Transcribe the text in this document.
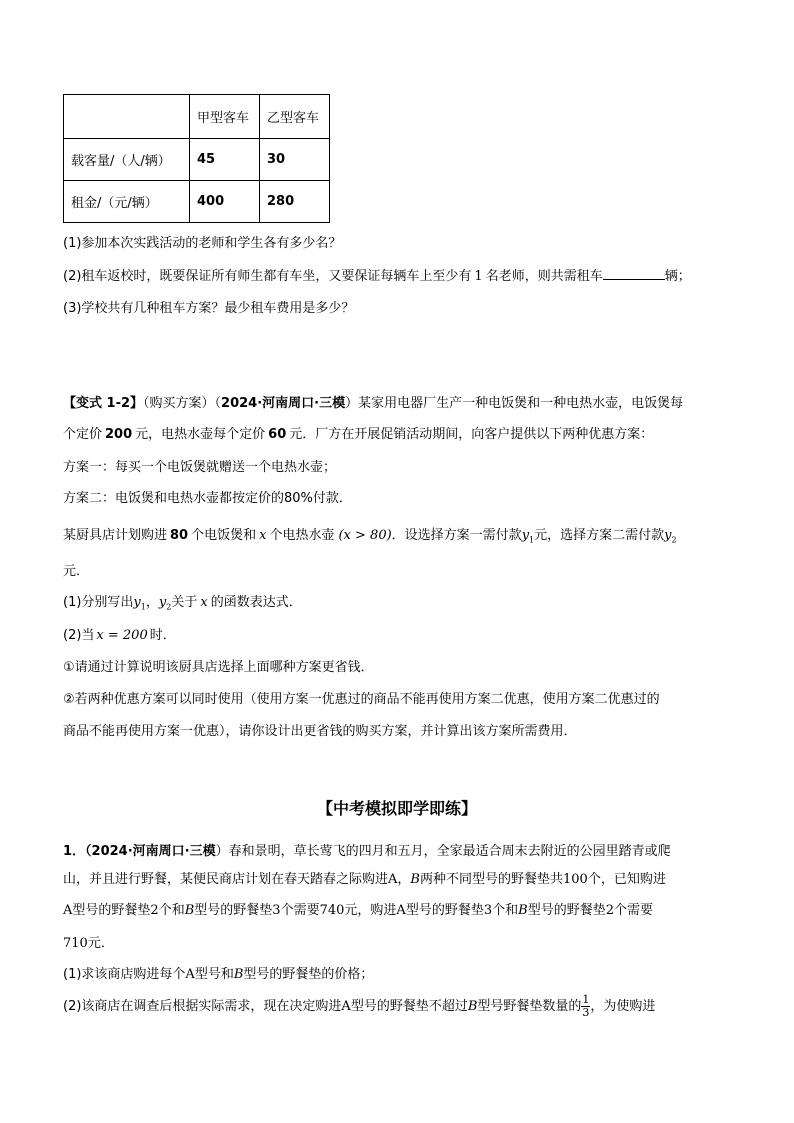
	甲型客车	乙型客车
载客量/（人/辆）	45	30
租金/（元/辆）	400	280
(1)参加本次实践活动的老师和学生各有多少名？
(2)租车返校时，既要保证所有师生都有车坐，又要保证每辆车上至少有 1 名老师，则共需租车	辆；
(3)学校共有几种租车方案？最少租车费用是多少？
【变式 1-2】（购买方案）（2024·河南周口·三模）某家用电器厂生产一种电饭煲和一种电热水壶，电饭煲每
个定价 200 元，电热水壶每个定价 60 元．厂方在开展促销活动期间，向客户提供以下两种优惠方案：
方案一：每买一个电饭煲就赠送一个电热水壶；
方案二：电饭煲和电热水壶都按定价的80%付款．
某厨具店计划购进 80 个电饭煲和 x 个电热水壶 (x > 80)．设选择方案一需付款$y_1$元，选择方案二需付款$y_2$
元．
(1)分别写出$y_1$，$y_2$关于 x 的函数表达式．
(2)当 x = 200 时．
①请通过计算说明该厨具店选择上面哪种方案更省钱．
②若两种优惠方案可以同时使用（使用方案一优惠过的商品不能再使用方案二优惠，使用方案二优惠过的
商品不能再使用方案一优惠），请你设计出更省钱的购买方案，并计算出该方案所需费用．
【中考模拟即学即练】
1．（2024·河南周口·三模）春和景明，草长莺飞的四月和五月，全家最适合周末去附近的公园里踏青或爬
山，并且进行野餐，某便民商店计划在春天踏春之际购进A，B两种不同型号的野餐垫共100个，已知购进
A型号的野餐垫2个和B型号的野餐垫3个需要740元，购进A型号的野餐垫3个和B型号的野餐垫2个需要
710元．
(1)求该商店购进每个A型号和B型号的野餐垫的价格；
(2)该商店在调查后根据实际需求，现在决定购进A型号的野餐垫不超过B型号野餐垫数量的 $\frac{1}{3}$ ，为使购进
